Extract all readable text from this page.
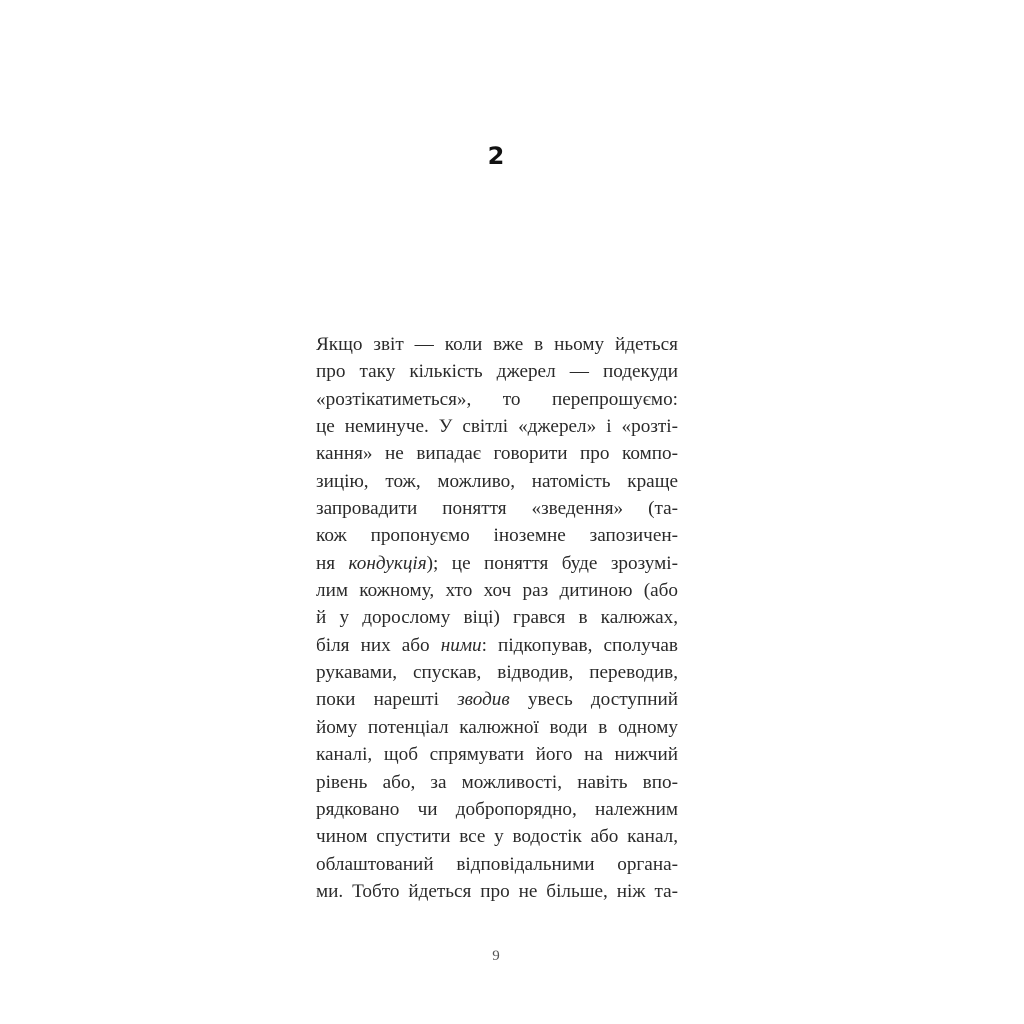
2
Якщо звіт — коли вже в ньому йдеться
про таку кількість джерел — подекуди
«розтікатиметься», то перепрошуємо:
це неминуче. У світлі «джерел» і «розті-
кання» не випадає говорити про компо-
зицію, тож, можливо, натомість краще
запровадити поняття «зведення» (та-
кож пропонуємо іноземне запозичен-
ня кондукція); це поняття буде зрозумі-
лим кожному, хто хоч раз дитиною (або
й у дорослому віці) грався в калюжах,
біля них або ними: підкопував, сполучав
рукавами, спускав, відводив, переводив,
поки нарешті зводив увесь доступний
йому потенціал калюжної води в одному
каналі, щоб спрямувати його на нижчий
рівень або, за можливості, навіть впо-
рядковано чи добропорядно, належним
чином спустити все у водостік або канал,
облаштований відповідальними органа-
ми. Тобто йдеться про не більше, ніж та-
9
